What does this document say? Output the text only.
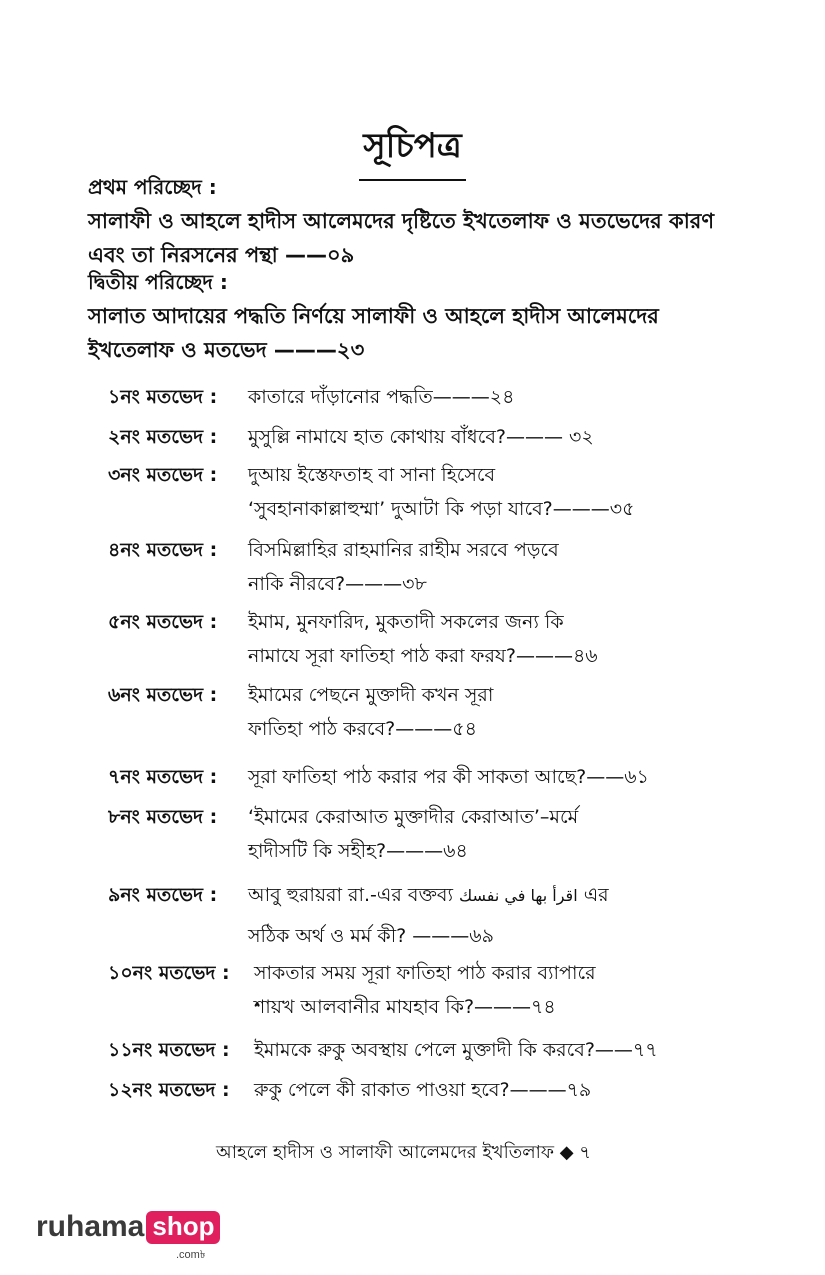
সূচিপত্র
প্রথম পরিচ্ছেদ :
সালাফী ও আহলে হাদীস আলেমদের দৃষ্টিতে ইখতেলাফ ও মতভেদের কারণ
এবং তা নিরসনের পন্থা ——০৯
দ্বিতীয় পরিচ্ছেদ :
সালাত আদায়ের পদ্ধতি নির্ণয়ে সালাফী ও আহলে হাদীস আলেমদের
ইখতেলাফ ও মতভেদ ———২৩
১নং মতভেদ :	কাতারে দাঁড়ানোর পদ্ধতি———২৪
২নং মতভেদ :	মুসুল্লি নামাযে হাত কোথায় বাঁধবে?——— ৩২
৩নং মতভেদ :	দুআয় ইস্তেফতাহ বা সানা হিসেবে
‘সুবহানাকাল্লাহুম্মা’ দুআটা কি পড়া যাবে?———৩৫
৪নং মতভেদ :	বিসমিল্লাহির রাহমানির রাহীম সরবে পড়বে
নাকি নীরবে?———৩৮
৫নং মতভেদ :	ইমাম, মুনফারিদ, মুকতাদী সকলের জন্য কি
নামাযে সূরা ফাতিহা পাঠ করা ফরয?———৪৬
৬নং মতভেদ :	ইমামের পেছনে মুক্তাদী কখন সূরা
ফাতিহা পাঠ করবে?———৫৪
৭নং মতভেদ :	সূরা ফাতিহা পাঠ করার পর কী সাকতা আছে?——৬১
৮নং মতভেদ :	‘ইমামের কেরাআত মুক্তাদীর কেরাআত’–মর্মে
হাদীসটি কি সহীহ?———৬৪
৯নং মতভেদ :	আবু হুরায়রা রা.-এর বক্তব্য اقرأ بها في نفسك এর
সঠিক অর্থ ও মর্ম কী? ———৬৯
১০নং মতভেদ :	সাকতার সময় সূরা ফাতিহা পাঠ করার ব্যাপারে
শায়খ আলবানীর মাযহাব কি?———৭৪
১১নং মতভেদ :	ইমামকে রুকু অবস্থায় পেলে মুক্তাদী কি করবে?——৭৭
১২নং মতভেদ :	রুকু পেলে কী রাকাত পাওয়া হবে?———৭৯
আহলে হাদীস ও সালাফী আলেমদের ইখতিলাফ ◆ ৭
ruhama shop
.com৳
